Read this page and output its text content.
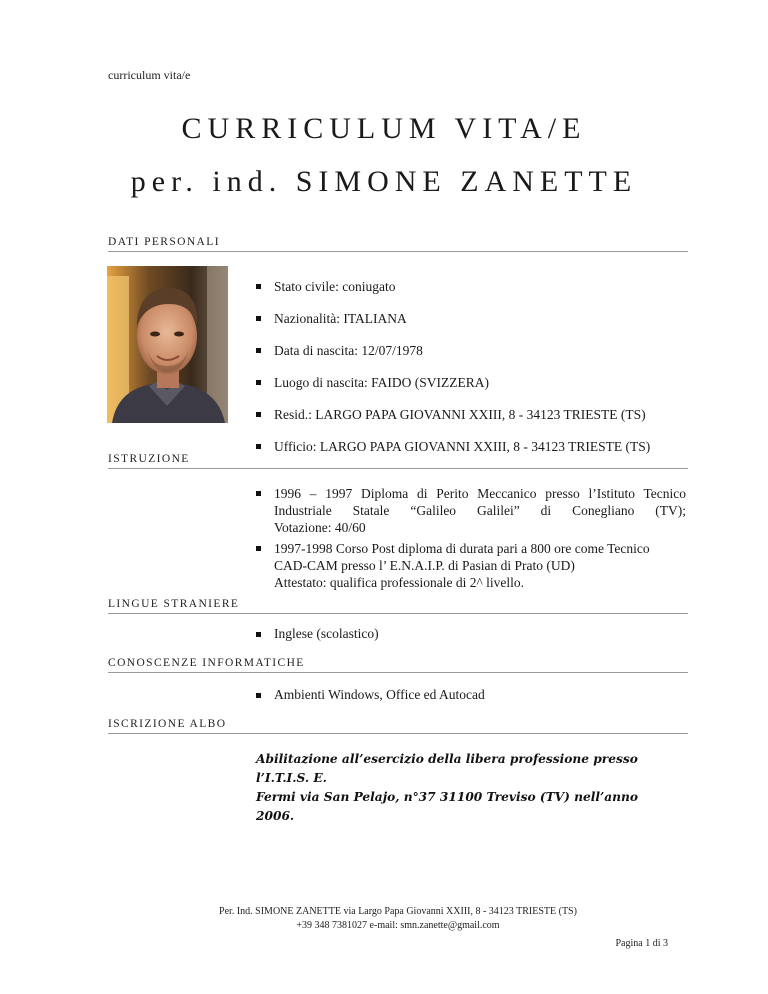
curriculum vita/e
CURRICULUM VITA/E
per. ind. SIMONE ZANETTE
DATI PERSONALI
Stato civile: coniugato
Nazionalità: ITALIANA
Data di nascita: 12/07/1978
Luogo di nascita: FAIDO (SVIZZERA)
Resid.: LARGO PAPA GIOVANNI XXIII, 8 - 34123 TRIESTE (TS)
Ufficio: LARGO PAPA GIOVANNI XXIII, 8 - 34123 TRIESTE (TS)
ISTRUZIONE
1996 – 1997 Diploma di Perito Meccanico presso l’Istituto Tecnico
Industriale Statale “Galileo Galilei” di Conegliano (TV);
Votazione: 40/60
1997-1998 Corso Post diploma di durata pari a 800 ore come Tecnico
CAD-CAM presso l’ E.N.A.I.P. di Pasian di Prato (UD)
Attestato: qualifica professionale di 2^ livello.
LINGUE STRANIERE
Inglese (scolastico)
CONOSCENZE INFORMATICHE
Ambienti Windows, Office ed Autocad
ISCRIZIONE ALBO
Abilitazione all’esercizio della libera professione presso l’I.T.I.S. E.
Fermi via San Pelajo, n°37 31100 Treviso (TV) nell’anno 2006.
Per. Ind. SIMONE ZANETTE via Largo Papa Giovanni XXIII, 8 - 34123 TRIESTE (TS)
+39 348 7381027 e-mail: smn.zanette@gmail.com
Pagina 1 di 3
